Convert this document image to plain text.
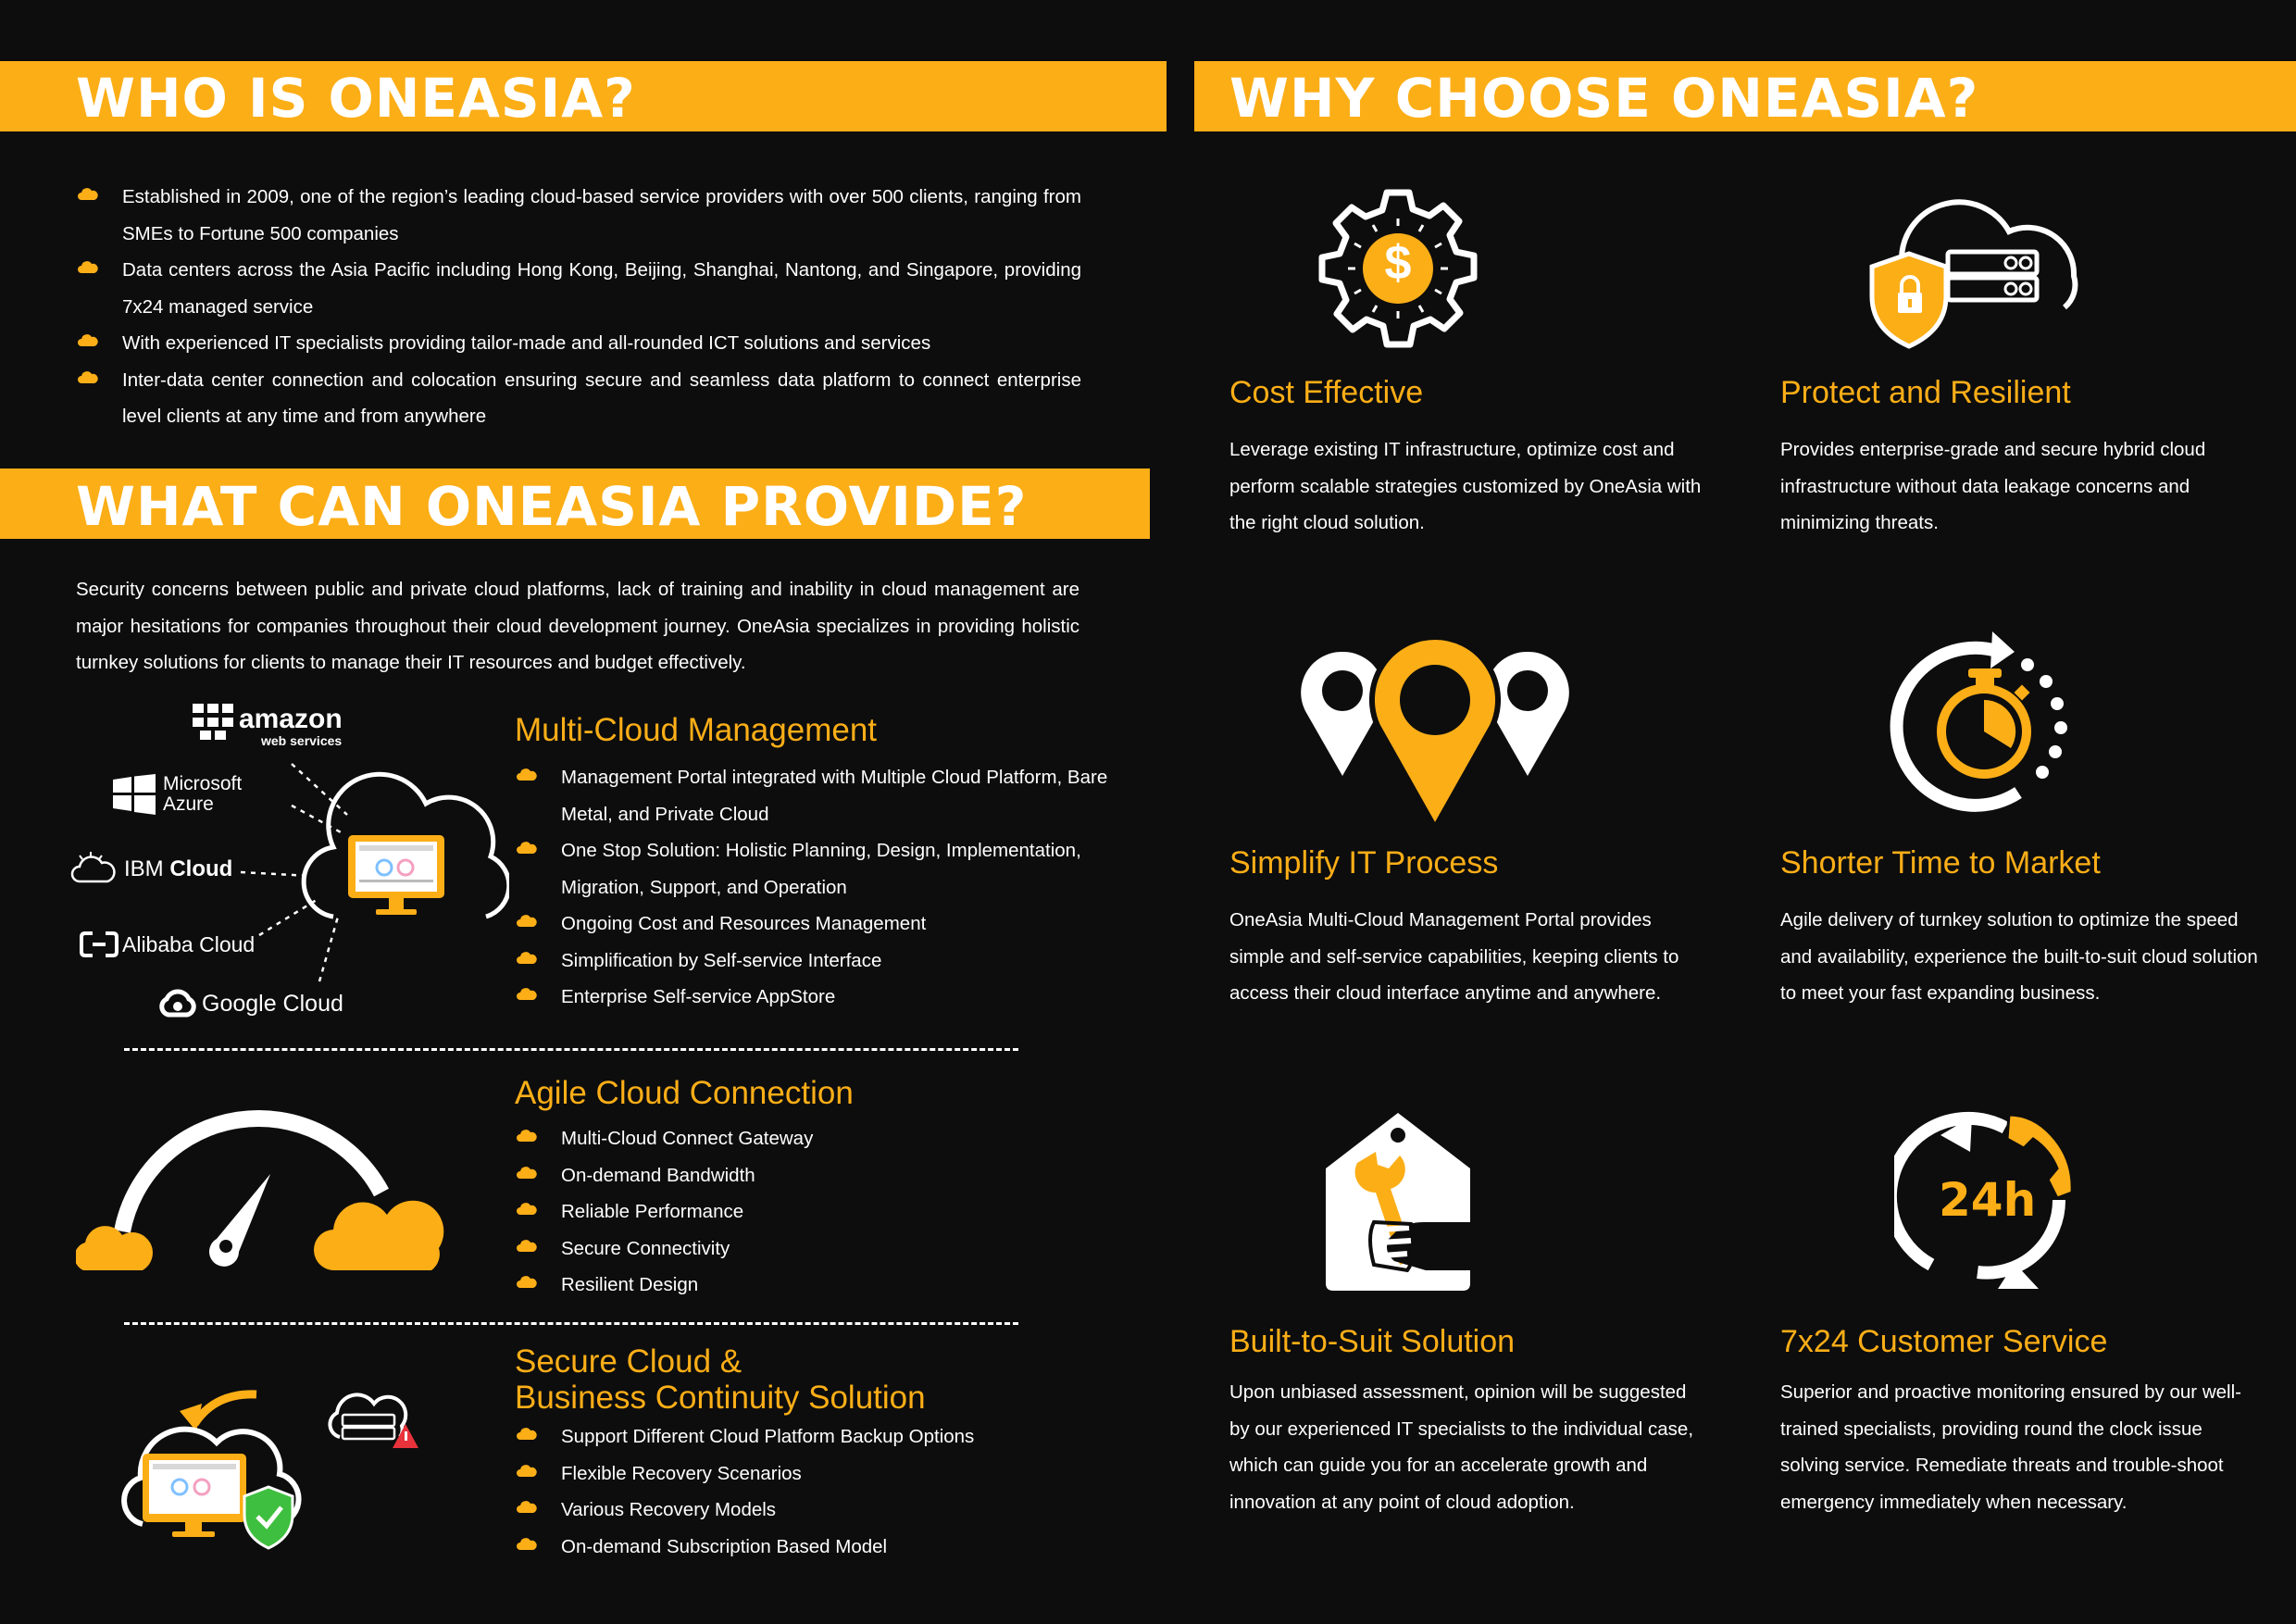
WHO IS ONEASIA?	WHY CHOOSE ONEASIA?
Established in 2009, one of the region’s leading cloud-based service providers with over 500 clients, ranging from SMEs to Fortune 500 companies
Data centers across the Asia Pacific including Hong Kong, Beijing, Shanghai, Nantong, and Singapore, providing 7x24 managed service
With experienced IT specialists providing tailor-made and all-rounded ICT solutions and services
Inter-data center connection and colocation ensuring secure and seamless data platform to connect enterprise level clients at any time and from anywhere
WHAT CAN ONEASIA PROVIDE?
Security concerns between public and private cloud platforms, lack of training and inability in cloud management are major hesitations for companies throughout their cloud development journey. OneAsia specializes in providing holistic turnkey solutions for clients to manage their IT resources and budget effectively.
amazon
web services
Microsoft
Azure
IBM Cloud
Alibaba Cloud
Google Cloud
Multi-Cloud Management
Management Portal integrated with Multiple Cloud Platform, Bare Metal, and Private Cloud
One Stop Solution: Holistic Planning, Design, Implementation, Migration, Support, and Operation
Ongoing Cost and Resources Management
Simplification by Self-service Interface
Enterprise Self-service AppStore
Agile Cloud Connection
Multi-Cloud Connect Gateway
On-demand Bandwidth
Reliable Performance
Secure Connectivity
Resilient Design
Secure Cloud &
Business Continuity Solution
Support Different Cloud Platform Backup Options
Flexible Recovery Scenarios
Various Recovery Models
On-demand Subscription Based Model
$
Cost Effective
Leverage existing IT infrastructure, optimize cost and perform scalable strategies customized by OneAsia with the right cloud solution.
Protect and Resilient
Provides enterprise-grade and secure hybrid cloud infrastructure without data leakage concerns and minimizing threats.
Simplify IT Process
OneAsia Multi-Cloud Management Portal provides simple and self-service capabilities, keeping clients to access their cloud interface anytime and anywhere.
Shorter Time to Market
Agile delivery of turnkey solution to optimize the speed and availability, experience the built-to-suit cloud solution to meet your fast expanding business.
Built-to-Suit Solution
Upon unbiased assessment, opinion will be suggested by our experienced IT specialists to the individual case, which can guide you for an accelerate growth and innovation at any point of cloud adoption.
24h
7x24 Customer Service
Superior and proactive monitoring ensured by our well-trained specialists, providing round the clock issue solving service. Remediate threats and trouble-shoot emergency immediately when necessary.
